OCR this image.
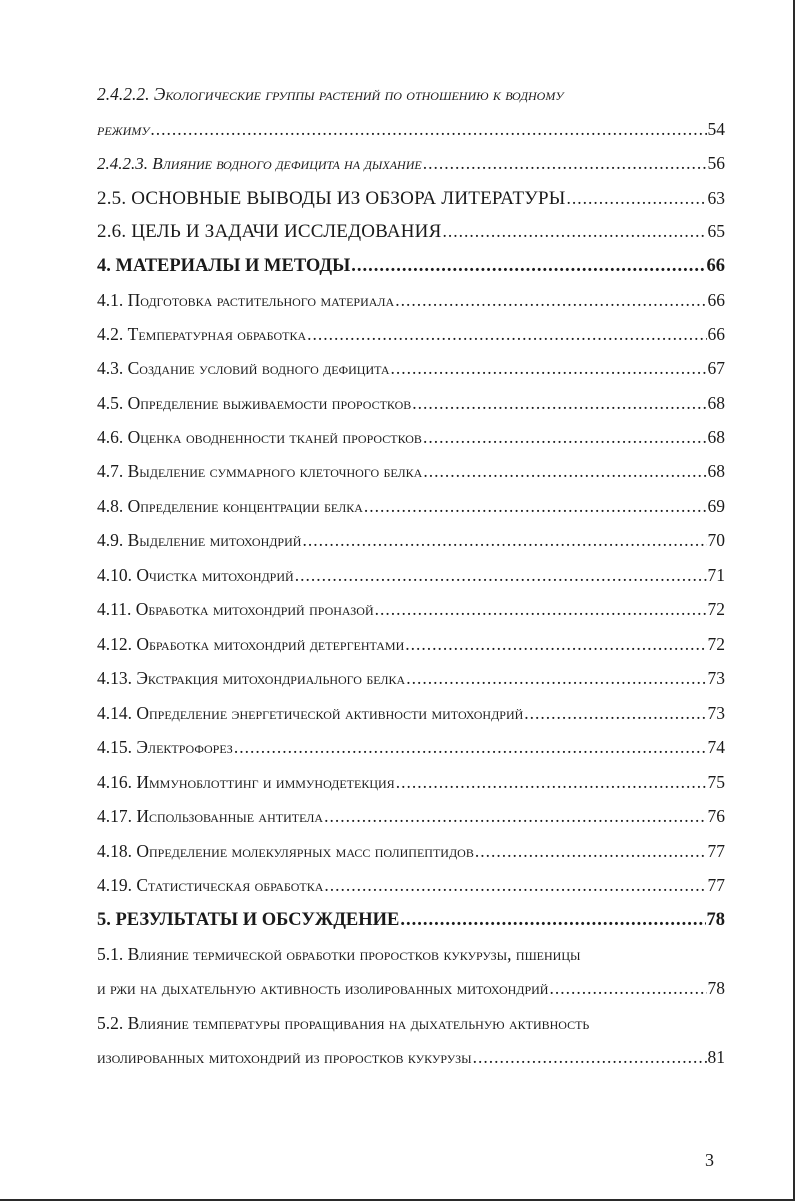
2.4.2.2. Экологические группы растений по отношению к водному
режиму .....	54
2.4.2.3. Влияние водного дефицита на дыхание .....	56
2.5. ОСНОВНЫЕ ВЫВОДЫ ИЗ ОБЗОРА ЛИТЕРАТУРЫ .....	63
2.6. ЦЕЛЬ И ЗАДАЧИ ИССЛЕДОВАНИЯ .....	65
4. МАТЕРИАЛЫ И МЕТОДЫ .....	66
4.1. Подготовка растительного материала .....	66
4.2. Температурная обработка .....	66
4.3. Создание условий водного дефицита .....	67
4.5. Определение выживаемости проростков .....	68
4.6. Оценка оводненности тканей проростков .....	68
4.7. Выделение суммарного клеточного белка .....	68
4.8. Определение концентрации белка .....	69
4.9. Выделение митохондрий .....	70
4.10. Очистка митохондрий .....	71
4.11. Обработка митохондрий проназой .....	72
4.12. Обработка митохондрий детергентами .....	72
4.13. Экстракция митохондриального белка .....	73
4.14. Определение энергетической активности митохондрий .....	73
4.15. Электрофорез .....	74
4.16. Иммуноблоттинг и иммунодетекция .....	75
4.17. Использованные антитела .....	76
4.18. Определение молекулярных масс полипептидов .....	77
4.19. Статистическая обработка .....	77
5. РЕЗУЛЬТАТЫ И ОБСУЖДЕНИЕ .....	78
5.1. Влияние термической обработки проростков кукурузы, пшеницы
и ржи на дыхательную активность изолированных митохондрий .....	78
5.2. Влияние температуры проращивания на дыхательную активность
изолированных митохондрий из проростков кукурузы .....	81
3
